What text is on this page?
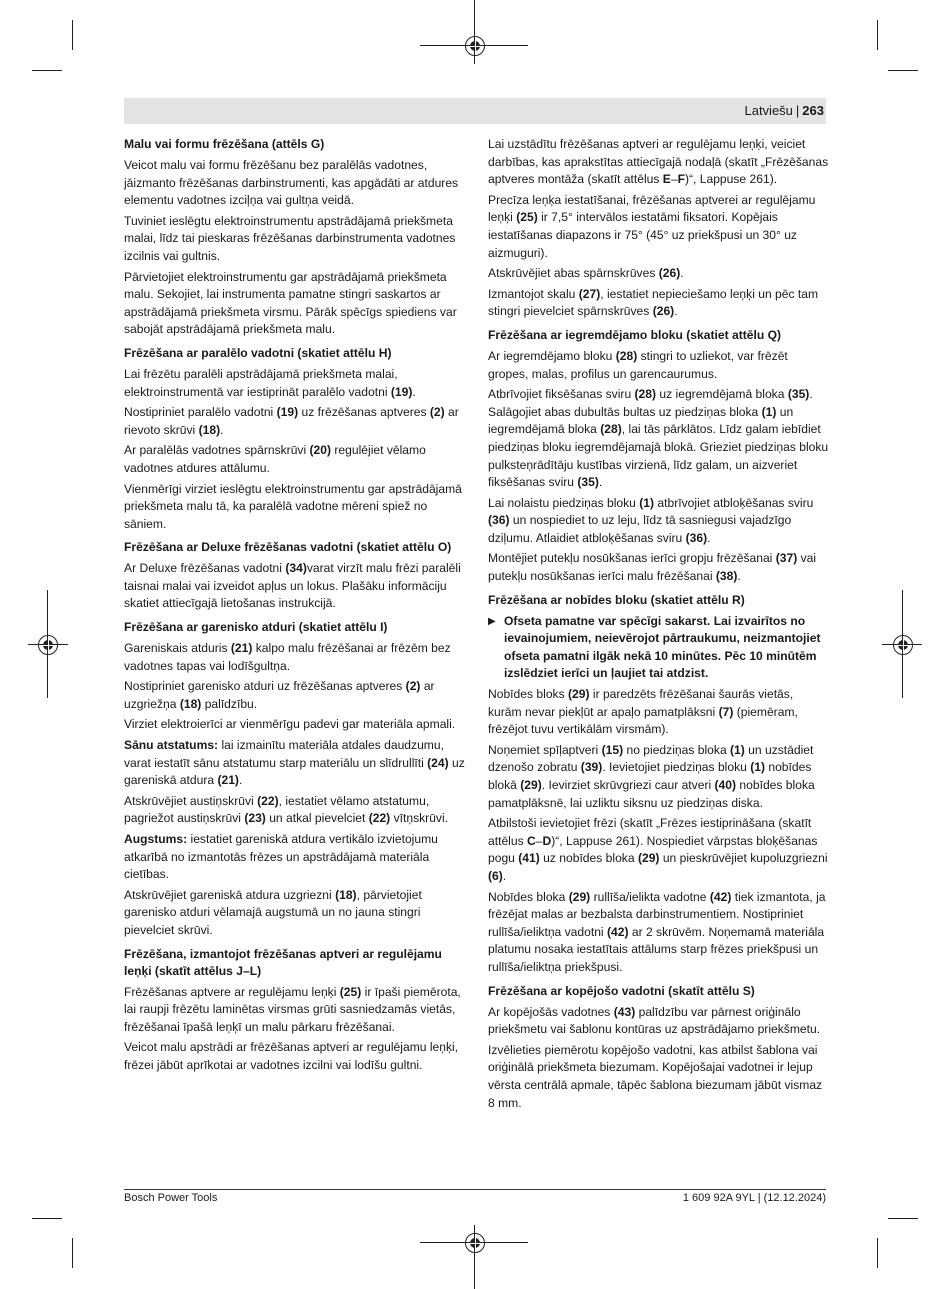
Latviešu | 263
Malu vai formu frēzēšana (attēls G)

Veicot malu vai formu frēzēšanu bez paralēlās vadotnes, jāizmanto frēzēšanas darbinstrumenti, kas apgādāti ar atdures elementu vadotnes izciļņa vai gultņa veidā.

Tuviniet ieslēgtu elektroinstrumentu apstrādājamā priekšmeta malai, līdz tai pieskaras frēzēšanas darbinstrumenta vadotnes izcilnis vai gultnis.

Pārvietojiet elektroinstrumentu gar apstrādājamā priekšmeta malu. Sekojiet, lai instrumenta pamatne stingri saskartos ar apstrādājamā priekšmeta virsmu. Pārāk spēcīgs spiediens var sabojāt apstrādājamā priekšmeta malu.

Frēzēšana ar paralēlo vadotni (skatiet attēlu H)

Lai frēzētu paralēli apstrādājamā priekšmeta malai, elektroinstrumentā var iestiprināt paralēlo vadotni (19).

Nostipriniet paralēlo vadotni (19) uz frēzēšanas aptveres (2) ar rievoto skrūvi (18).

Ar paralēlās vadotnes spārnskrūvi (20) regulējiet vēlamo vadotnes atdures attālumu.

Vienmērīgi virziet ieslēgtu elektroinstrumentu gar apstrādājamā priekšmeta malu tā, ka paralēlā vadotne mēreni spiež no sāniem.

Frēzēšana ar Deluxe frēzēšanas vadotni (skatiet attēlu O)

Ar Deluxe frēzēšanas vadotni (34)varat virzīt malu frēzi paralēli taisnai malai vai izveidot apļus un lokus. Plašāku informāciju skatiet attiecīgajā lietošanas instrukcijā.

Frēzēšana ar garenisko atduri (skatiet attēlu I)

Gareniskais atduris (21) kalpo malu frēzēšanai ar frēzēm bez vadotnes tapas vai lodīšgultņa.

Nostipriniet garenisko atduri uz frēzēšanas aptveres (2) ar uzgriežņa (18) palīdzību.

Virziet elektroierīci ar vienmērīgu padevi gar materiāla apmali.

Sānu atstatums: lai izmainītu materiāla atdales daudzumu, varat iestatīt sānu atstatumu starp materiālu un slīdrullīti (24) uz gareniskā atdura (21).

Atskrūvējiet austiņskrūvi (22), iestatiet vēlamo atstatumu, pagriežot austiņskrūvi (23) un atkal pievelciet (22) vītņskrūvi.

Augstums: iestatiet gareniskā atdura vertikālo izvietojumu atkarībā no izmantotās frēzes un apstrādājamā materiāla cietības.

Atskrūvējiet gareniskā atdura uzgriezni (18), pārvietojiet garenisko atduri vēlamajā augstumā un no jauna stingri pievelciet skrūvi.

Frēzēšana, izmantojot frēzēšanas aptveri ar regulējamu leņķi (skatīt attēlus J–L)

Frēzēšanas aptvere ar regulējamu leņķi (25) ir īpaši piemērota, lai raupji frēzētu laminētas virsmas grūti sasniedzamās vietās, frēzēšanai īpašā leņķī un malu pārkaru frēzēšanai.

Veicot malu apstrādi ar frēzēšanas aptveri ar regulējamu leņķi, frēzei jābūt aprīkotai ar vadotnes izcilni vai lodīšu gultni.

Lai uzstādītu frēzēšanas aptveri ar regulējamu leņķi, veiciet darbības, kas aprakstītas attiecīgajā nodaļā (skatīt „Frēzēšanas aptveres montāža (skatīt attēlus E–F)“, Lappuse 261).

Precīza leņķa iestatīšanai, frēzēšanas aptverei ar regulējamu leņķi (25) ir 7,5° intervālos iestatāmi fiksatori. Kopējais iestatīšanas diapazons ir 75° (45° uz priekšpusi un 30° uz aizmuguri).

Atskrūvējiet abas spārnskrūves (26).

Izmantojot skalu (27), iestatiet nepieciešamo leņķi un pēc tam stingri pievelciet spārnskrūves (26).

Frēzēšana ar iegremdējamo bloku (skatiet attēlu Q)

Ar iegremdējamo bloku (28) stingri to uzliekot, var frēzēt gropes, malas, profilus un garencaurumus.

Atbrīvojiet fiksēšanas sviru (28) uz iegremdējamā bloka (35). Salāgojiet abas dubultās bultas uz piedziņas bloka (1) un iegremdējamā bloka (28), lai tās pārklātos. Līdz galam iebīdiet piedziņas bloku iegremdējamajā blokā. Grieziet piedziņas bloku pulksteņrādītāju kustības virzienā, līdz galam, un aizveriet fiksēšanas sviru (35).

Lai nolaistu piedziņas bloku (1) atbrīvojiet atbloķēšanas sviru (36) un nospiediet to uz leju, līdz tā sasniegusi vajadzīgo dziļumu. Atlaidiet atbloķēšanas sviru (36).

Montējiet putekļu nosūkšanas ierīci gropju frēzēšanai (37) vai putekļu nosūkšanas ierīci malu frēzēšanai (38).

Frēzēšana ar nobīdes bloku (skatiet attēlu R)
▶ Ofseta pamatne var spēcīgi sakarst. Lai izvairītos no ievainojumiem, neievērojot pārtraukumu, neizmantojiet ofseta pamatni ilgāk nekā 10 minūtes. Pēc 10 minūtēm izslēdziet ierīci un ļaujiet tai atdzist.

Nobīdes bloks (29) ir paredzēts frēzēšanai šaurās vietās, kurām nevar piekļūt ar apaļo pamatplāksni (7) (piemēram, frēzējot tuvu vertikālām virsmām).

Noņemiet spīļaptveri (15) no piedziņas bloka (1) un uzstādiet dzenošo zobratu (39). Ievietojiet piedziņas bloku (1) nobīdes blokā (29). Ievirziet skrūvgriezi caur atveri (40) nobīdes bloka pamatplāksnē, lai uzliktu siksnu uz piedziņas diska.

Atbilstoši ievietojiet frēzi (skatīt „Frēzes iestiprināšana (skatīt attēlus C–D)“, Lappuse 261). Nospiediet vārpstas bloķēšanas pogu (41) uz nobīdes bloka (29) un pieskrūvējiet kupoluzgriezni (6).

Nobīdes bloka (29) rullīša/ielikta vadotne (42) tiek izmantota, ja frēzējat malas ar bezbalsta darbinstrumentiem. Nostipriniet rullīša/ieliktņa vadotni (42) ar 2 skrūvēm. Noņemamā materiāla platumu nosaka iestatītais attālums starp frēzes priekšpusi un rullīša/ieliktņa priekšpusi.

Frēzēšana ar kopējošo vadotni (skatīt attēlu S)

Ar kopējošās vadotnes (43) palīdzību var pārnest oriģinālo priekšmetu vai šablonu kontūras uz apstrādājamo priekšmetu.

Izvēlieties piemērotu kopējošo vadotni, kas atbilst šablona vai oriģinālā priekšmeta biezumam. Kopējošajai vadotnei ir lejup vērsta centrālā apmale, tāpēc šablona biezumam jābūt vismaz 8 mm.

Bosch Power Tools	1 609 92A 9YL | (12.12.2024)
